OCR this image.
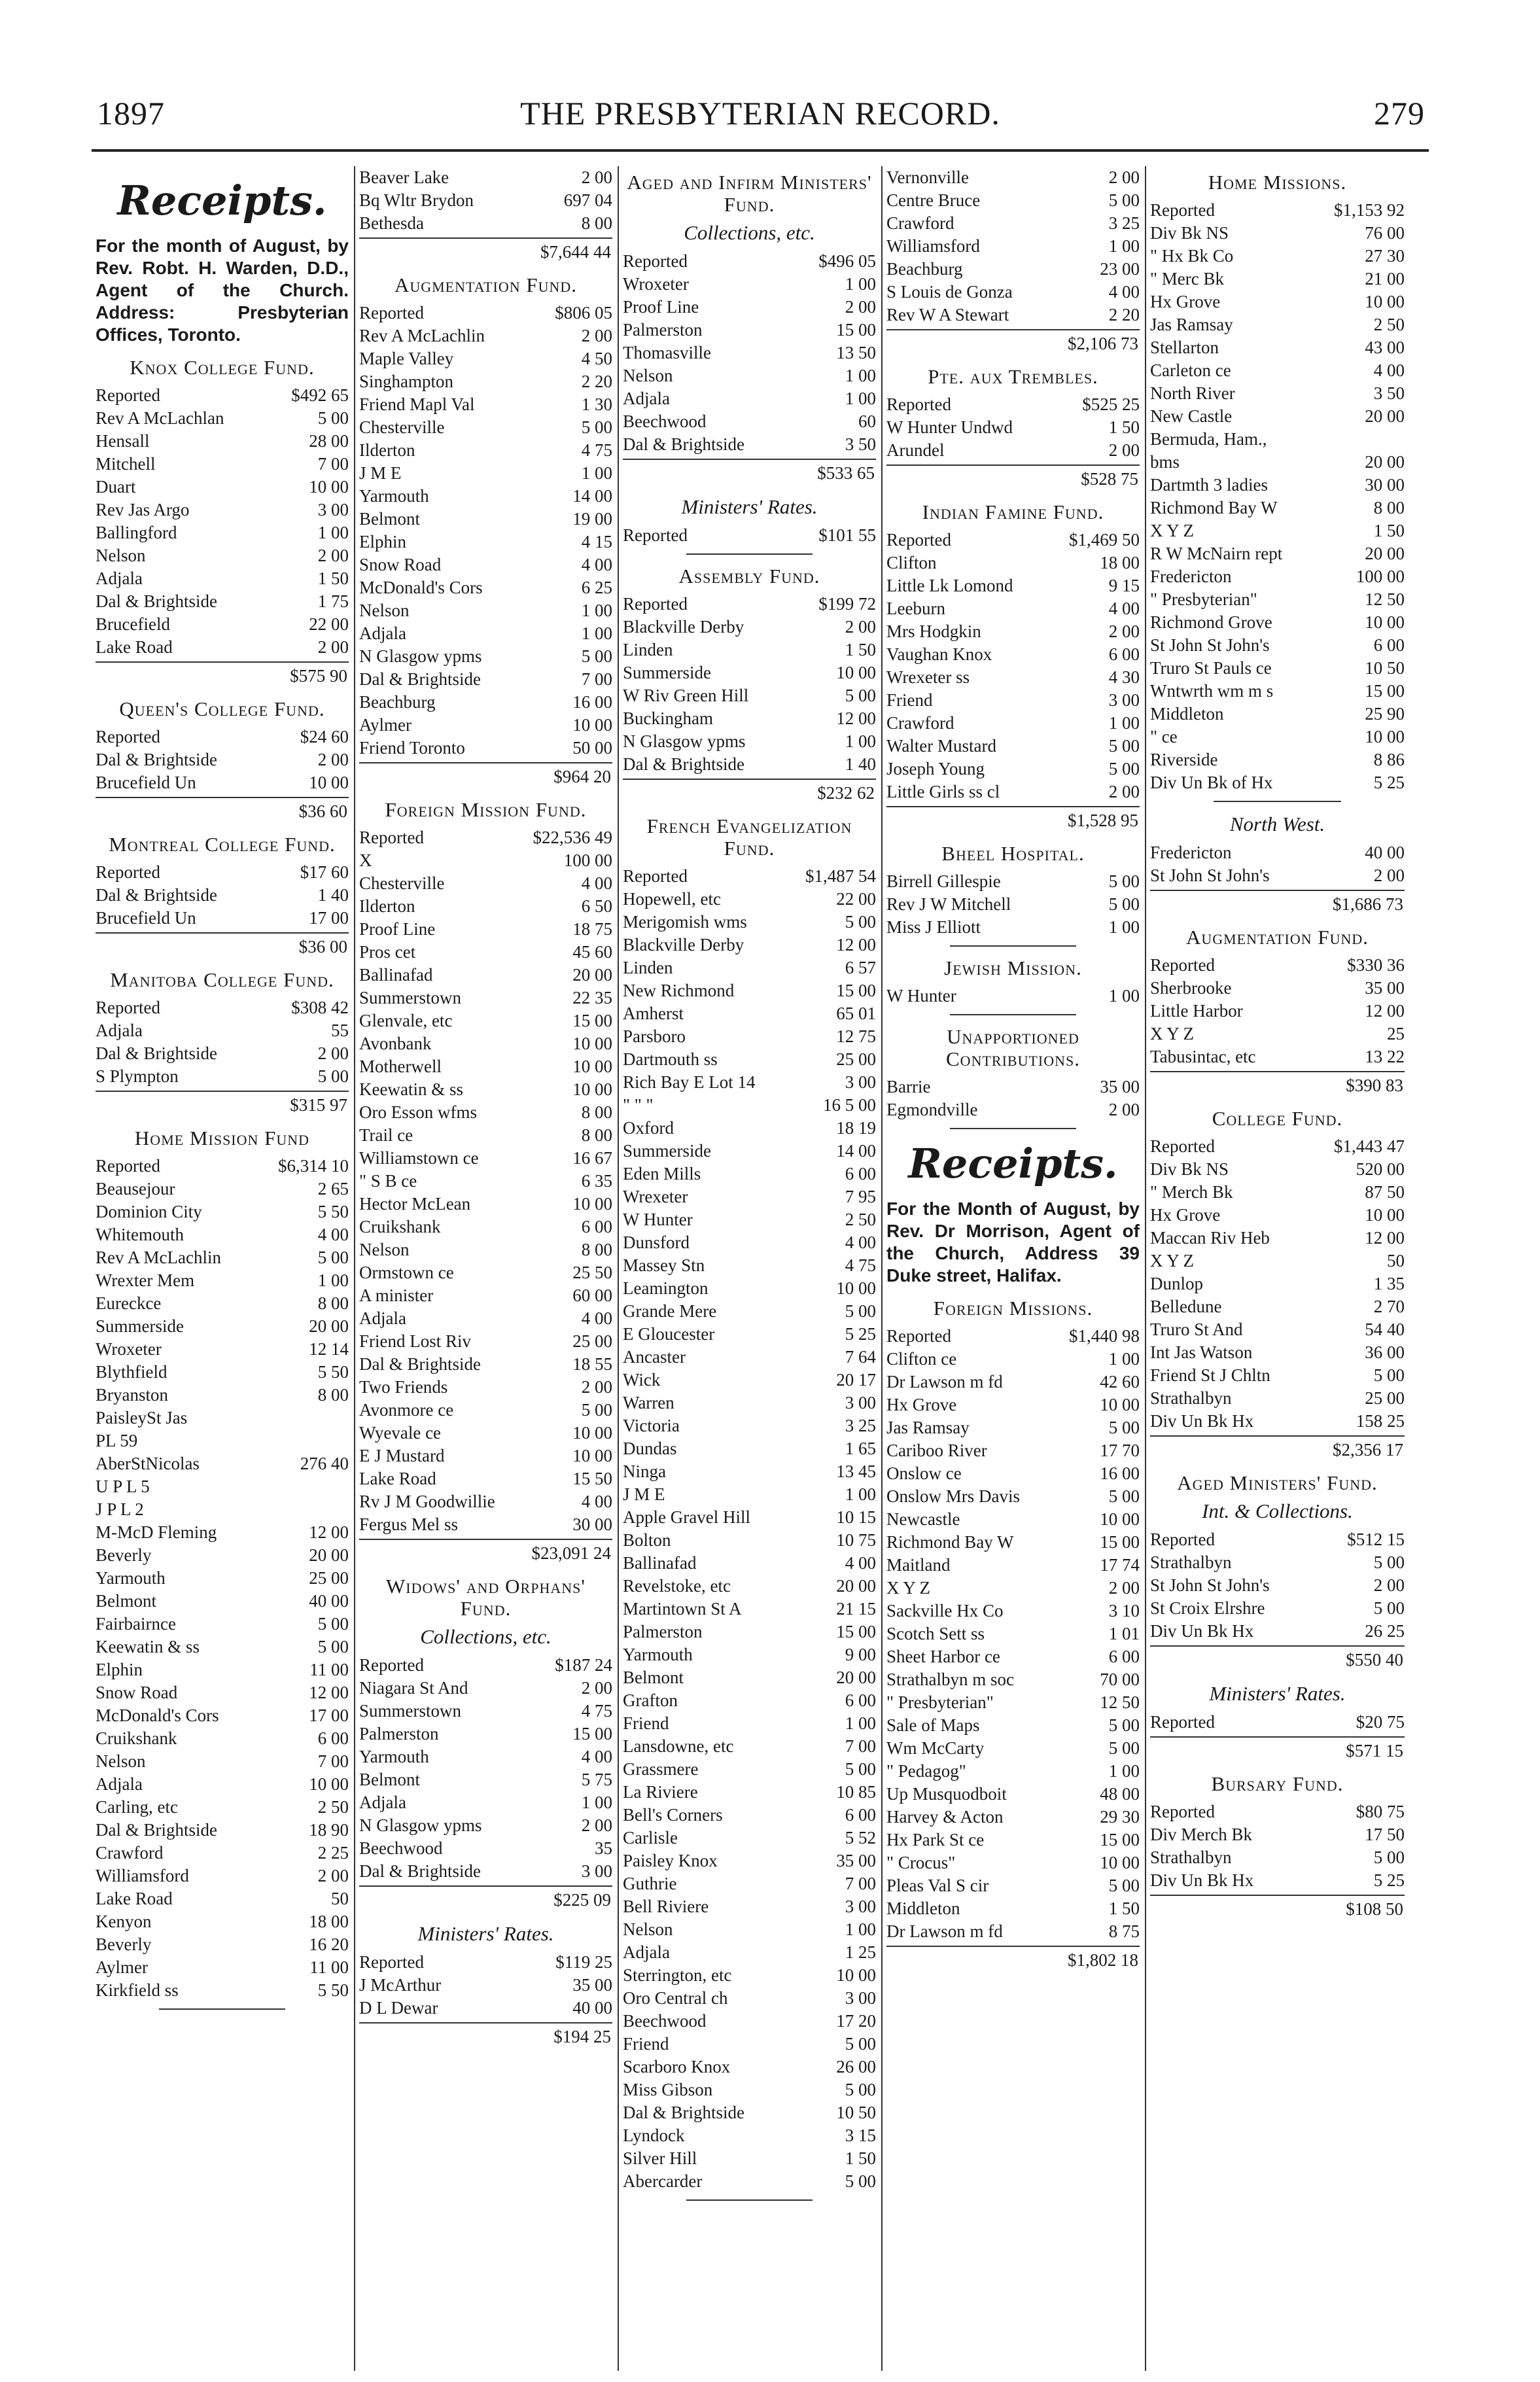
1897	THE PRESBYTERIAN RECORD.	279
Receipts.
For the month of August, by Rev. Robt. H. Warden, D.D., Agent of the Church. Address: Presbyterian Offices, Toronto.
Knox College Fund.
Reported	$492 65
Rev A McLachlan	5 00
Hensall	28 00
Mitchell	7 00
Duart	10 00
Rev Jas Argo	3 00
Ballingford	1 00
Nelson	2 00
Adjala	1 50
Dal & Brightside	1 75
Brucefield	22 00
Lake Road	2 00
$575 90
Queen's College Fund.
Reported	$24 60
Dal & Brightside	2 00
Brucefield Un	10 00
$36 60
Montreal College Fund.
Reported	$17 60
Dal & Brightside	1 40
Brucefield Un	17 00
$36 00
Manitoba College Fund.
Reported	$308 42
Adjala	55
Dal & Brightside	2 00
S Plympton	5 00
$315 97
Home Mission Fund
Reported	$6,314 10
Beausejour	2 65
Dominion City	5 50
Whitemouth	4 00
Rev A McLachlin	5 00
Wrexter Mem	1 00
Eureckce	8 00
Summerside	20 00
Wroxeter	12 14
Blythfield	5 50
Bryanston	8 00
PaisleySt Jas
PL 59
AberStNicolas	276 40
U P L 5
J P L 2
M-McD Fleming	12 00
Beverly	20 00
Yarmouth	25 00
Belmont	40 00
Fairbairnce	5 00
Keewatin & ss	5 00
Elphin	11 00
Snow Road	12 00
McDonald's Cors	17 00
Cruikshank	6 00
Nelson	7 00
Adjala	10 00
Carling, etc	2 50
Dal & Brightside	18 90
Crawford	2 25
Williamsford	2 00
Lake Road	50
Kenyon	18 00
Beverly	16 20
Aylmer	11 00
Kirkfield ss	5 50
Beaver Lake	2 00
Bq Wltr Brydon	697 04
Bethesda	8 00
$7,644 44
Augmentation Fund.
Reported	$806 05
Rev A McLachlin	2 00
Maple Valley	4 50
Singhampton	2 20
Friend Mapl Val	1 30
Chesterville	5 00
Ilderton	4 75
J M E	1 00
Yarmouth	14 00
Belmont	19 00
Elphin	4 15
Snow Road	4 00
McDonald's Cors	6 25
Nelson	1 00
Adjala	1 00
N Glasgow ypms	5 00
Dal & Brightside	7 00
Beachburg	16 00
Aylmer	10 00
Friend Toronto	50 00
$964 20
Foreign Mission Fund.
Reported	$22,536 49
X	100 00
Chesterville	4 00
Ilderton	6 50
Proof Line	18 75
Pros cet	45 60
Ballinafad	20 00
Summerstown	22 35
Glenvale, etc	15 00
Avonbank	10 00
Motherwell	10 00
Keewatin & ss	10 00
Oro Esson wfms	8 00
Trail ce	8 00
Williamstown ce	16 67
" S B ce	6 35
Hector McLean	10 00
Cruikshank	6 00
Nelson	8 00
Ormstown ce	25 50
A minister	60 00
Adjala	4 00
Friend Lost Riv	25 00
Dal & Brightside	18 55
Two Friends	2 00
Avonmore ce	5 00
Wyevale ce	10 00
E J Mustard	10 00
Lake Road	15 50
Rv J M Goodwillie	4 00
Fergus Mel ss	30 00
$23,091 24
Widows' and Orphans' Fund.
Collections, etc.
Reported	$187 24
Niagara St And	2 00
Summerstown	4 75
Palmerston	15 00
Yarmouth	4 00
Belmont	5 75
Adjala	1 00
N Glasgow ypms	2 00
Beechwood	35
Dal & Brightside	3 00
$225 09
Ministers' Rates.
Reported	$119 25
J McArthur	35 00
D L Dewar	40 00
$194 25
Aged and Infirm Ministers' Fund.
Collections, etc.
Reported	$496 05
Wroxeter	1 00
Proof Line	2 00
Palmerston	15 00
Thomasville	13 50
Nelson	1 00
Adjala	1 00
Beechwood	60
Dal & Brightside	3 50
$533 65
Ministers' Rates.
Reported	$101 55
Assembly Fund.
Reported	$199 72
Blackville Derby	2 00
Linden	1 50
Summerside	10 00
W Riv Green Hill	5 00
Buckingham	12 00
N Glasgow ypms	1 00
Dal & Brightside	1 40
$232 62
French Evangelization Fund.
Reported	$1,487 54
Hopewell, etc	22 00
Merigomish wms	5 00
Blackville Derby	12 00
Linden	6 57
New Richmond	15 00
Amherst	65 01
Parsboro	12 75
Dartmouth ss	25 00
Rich Bay E Lot 14	3 00
" " "	16 5 00
Oxford	18 19
Summerside	14 00
Eden Mills	6 00
Wrexeter	7 95
W Hunter	2 50
Dunsford	4 00
Massey Stn	4 75
Leamington	10 00
Grande Mere	5 00
E Gloucester	5 25
Ancaster	7 64
Wick	20 17
Warren	3 00
Victoria	3 25
Dundas	1 65
Ninga	13 45
J M E	1 00
Apple Gravel Hill	10 15
Bolton	10 75
Ballinafad	4 00
Revelstoke, etc	20 00
Martintown St A	21 15
Palmerston	15 00
Yarmouth	9 00
Belmont	20 00
Grafton	6 00
Friend	1 00
Lansdowne, etc	7 00
Grassmere	5 00
La Riviere	10 85
Bell's Corners	6 00
Carlisle	5 52
Paisley Knox	35 00
Guthrie	7 00
Bell Riviere	3 00
Nelson	1 00
Adjala	1 25
Sterrington, etc	10 00
Oro Central ch	3 00
Beechwood	17 20
Friend	5 00
Scarboro Knox	26 00
Miss Gibson	5 00
Dal & Brightside	10 50
Lyndock	3 15
Silver Hill	1 50
Abercarder	5 00
Vernonville	2 00
Centre Bruce	5 00
Crawford	3 25
Williamsford	1 00
Beachburg	23 00
S Louis de Gonza	4 00
Rev W A Stewart	2 20
$2,106 73
Pte. aux Trembles.
Reported	$525 25
W Hunter Undwd	1 50
Arundel	2 00
$528 75
Indian Famine Fund.
Reported	$1,469 50
Clifton	18 00
Little Lk Lomond	9 15
Leeburn	4 00
Mrs Hodgkin	2 00
Vaughan Knox	6 00
Wrexeter ss	4 30
Friend	3 00
Crawford	1 00
Walter Mustard	5 00
Joseph Young	5 00
Little Girls ss cl	2 00
$1,528 95
Bheel Hospital.
Birrell Gillespie	5 00
Rev J W Mitchell	5 00
Miss J Elliott	1 00
Jewish Mission.
W Hunter	1 00
Unapportioned Contributions.
Barrie	35 00
Egmondville	2 00
Receipts.
For the Month of August, by Rev. Dr Morrison, Agent of the Church, Address 39 Duke street, Halifax.
Foreign Missions.
Reported	$1,440 98
Clifton ce	1 00
Dr Lawson m fd	42 60
Hx Grove	10 00
Jas Ramsay	5 00
Cariboo River	17 70
Onslow ce	16 00
Onslow Mrs Davis	5 00
Newcastle	10 00
Richmond Bay W	15 00
Maitland	17 74
X Y Z	2 00
Sackville Hx Co	3 10
Scotch Sett ss	1 01
Sheet Harbor ce	6 00
Strathalbyn m soc	70 00
" Presbyterian"	12 50
Sale of Maps	5 00
Wm McCarty	5 00
" Pedagog"	1 00
Up Musquodboit	48 00
Harvey & Acton	29 30
Hx Park St ce	15 00
" Crocus"	10 00
Pleas Val S cir	5 00
Middleton	1 50
Dr Lawson m fd	8 75
$1,802 18
Home Missions.
Reported	$1,153 92
Div Bk NS	76 00
" Hx Bk Co	27 30
" Merc Bk	21 00
Hx Grove	10 00
Jas Ramsay	2 50
Stellarton	43 00
Carleton ce	4 00
North River	3 50
New Castle	20 00
Bermuda, Ham.,
bms	20 00
Dartmth 3 ladies	30 00
Richmond Bay W	8 00
X Y Z	1 50
R W McNairn rept	20 00
Fredericton	100 00
" Presbyterian"	12 50
Richmond Grove	10 00
St John St John's	6 00
Truro St Pauls ce	10 50
Wntwrth wm m s	15 00
Middleton	25 90
" ce	10 00
Riverside	8 86
Div Un Bk of Hx	5 25
North West.
Fredericton	40 00
St John St John's	2 00
$1,686 73
Augmentation Fund.
Reported	$330 36
Sherbrooke	35 00
Little Harbor	12 00
X Y Z	25
Tabusintac, etc	13 22
$390 83
College Fund.
Reported	$1,443 47
Div Bk NS	520 00
" Merch Bk	87 50
Hx Grove	10 00
Maccan Riv Heb	12 00
X Y Z	50
Dunlop	1 35
Belledune	2 70
Truro St And	54 40
Int Jas Watson	36 00
Friend St J Chltn	5 00
Strathalbyn	25 00
Div Un Bk Hx	158 25
$2,356 17
Aged Ministers' Fund.
Int. & Collections.
Reported	$512 15
Strathalbyn	5 00
St John St John's	2 00
St Croix Elrshre	5 00
Div Un Bk Hx	26 25
$550 40
Ministers' Rates.
Reported	$20 75
$571 15
Bursary Fund.
Reported	$80 75
Div Merch Bk	17 50
Strathalbyn	5 00
Div Un Bk Hx	5 25
$108 50
